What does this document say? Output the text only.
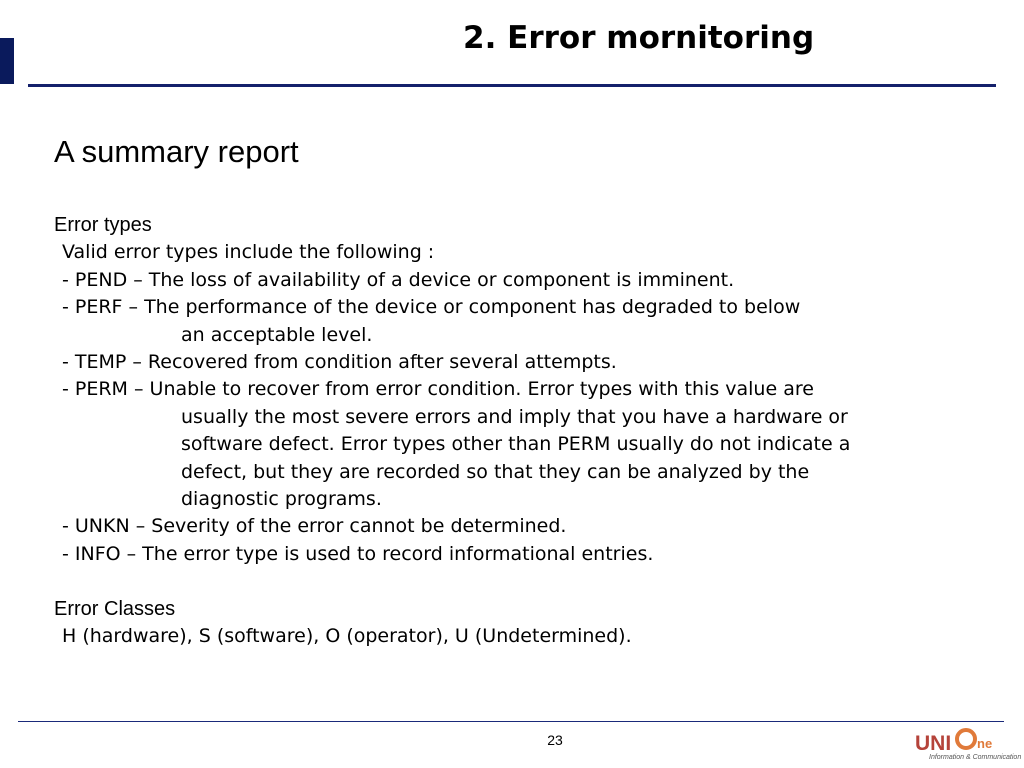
2. Error mornitoring
A summary report
Error types
Valid error types include the following :
- PEND – The loss of availability of a device or component is imminent.
- PERF – The performance of the device or component has degraded to below
an acceptable level.
- TEMP – Recovered from condition after several attempts.
- PERM – Unable to recover from error condition. Error types with this value are
usually the most severe errors and imply that you have a hardware or
software defect. Error types other than PERM usually do not indicate a
defect, but they are recorded so that they can be analyzed by the
diagnostic programs.
- UNKN – Severity of the error cannot be determined.
- INFO – The error type is used to record informational entries.
Error Classes
H (hardware), S (software), O (operator), U (Undetermined).
23	UNI ne
Information & Communication
